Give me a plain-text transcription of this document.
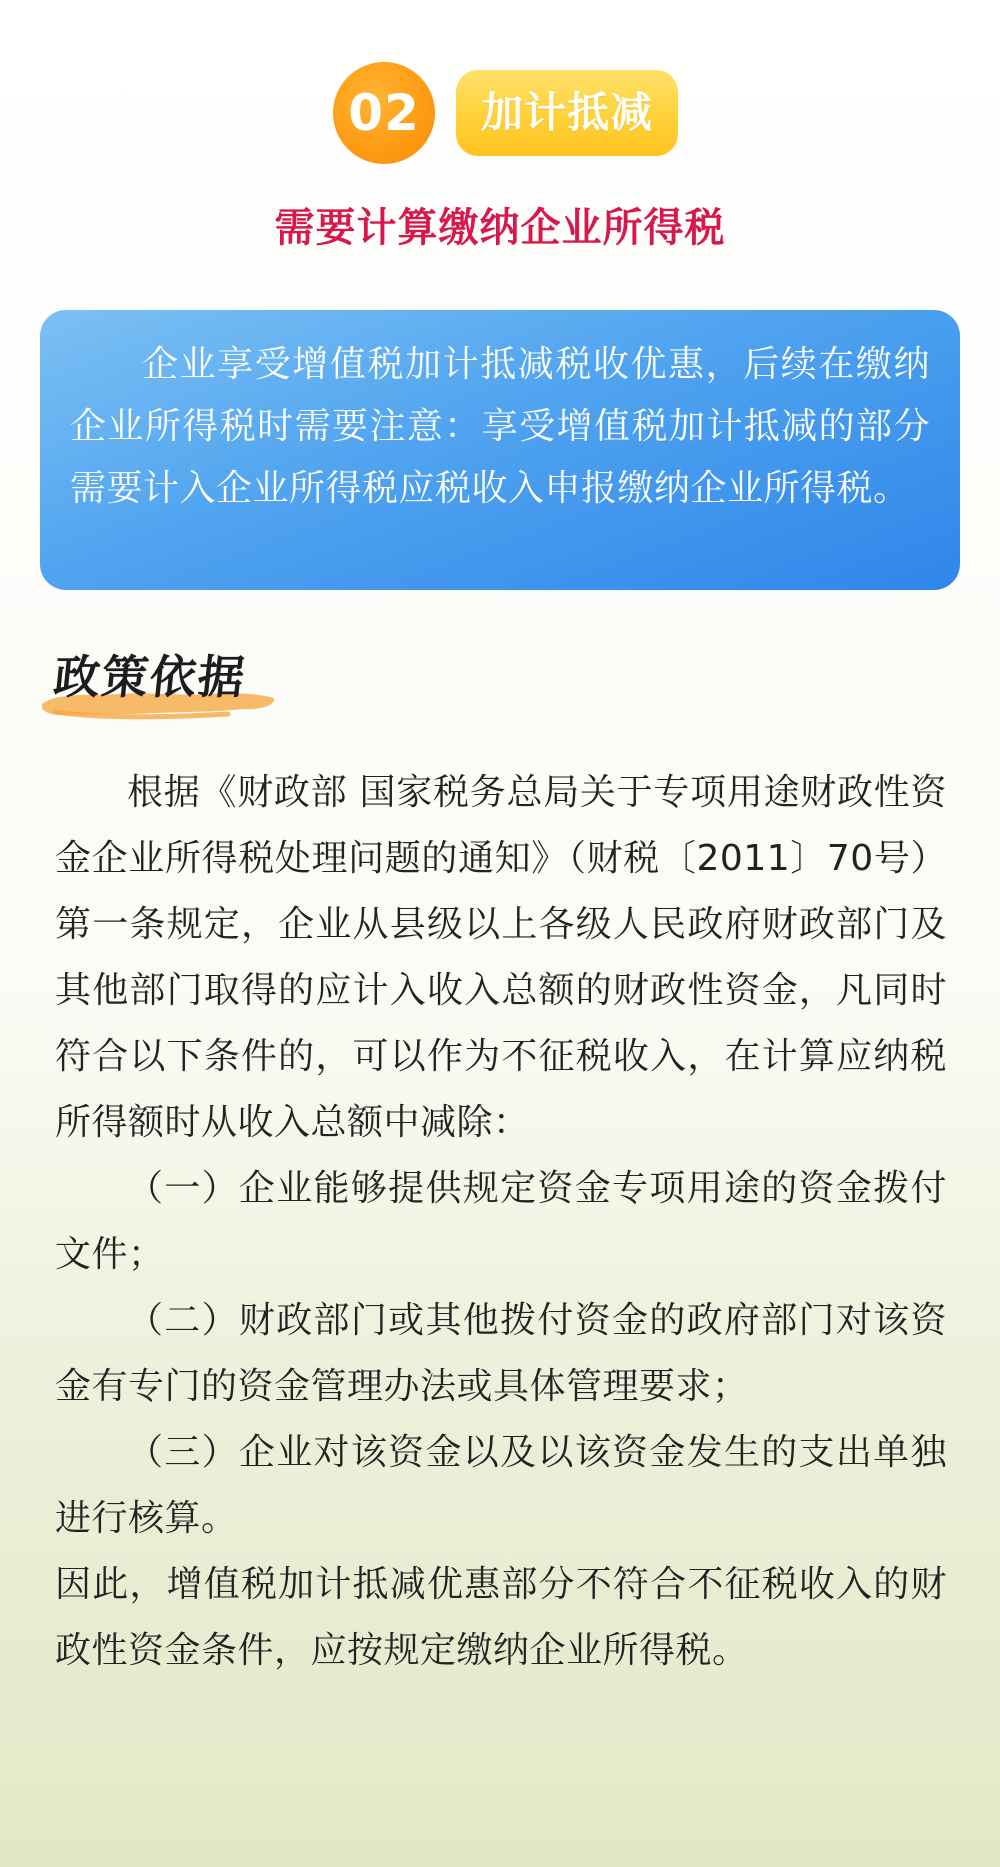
02	加计抵减
需要计算缴纳企业所得税

企业享受增值税加计抵减税收优惠，后续在缴纳企业所得税时需要注意：享受增值税加计抵减的部分需要计入企业所得税应税收入申报缴纳企业所得税。

政策依据

根据《财政部 国家税务总局关于专项用途财政性资金企业所得税处理问题的通知》（财税〔2011〕70号）第一条规定，企业从县级以上各级人民政府财政部门及其他部门取得的应计入收入总额的财政性资金，凡同时符合以下条件的，可以作为不征税收入，在计算应纳税所得额时从收入总额中减除：

（一）企业能够提供规定资金专项用途的资金拨付文件；

（二）财政部门或其他拨付资金的政府部门对该资金有专门的资金管理办法或具体管理要求；

（三）企业对该资金以及以该资金发生的支出单独进行核算。

因此，增值税加计抵减优惠部分不符合不征税收入的财政性资金条件，应按规定缴纳企业所得税。
